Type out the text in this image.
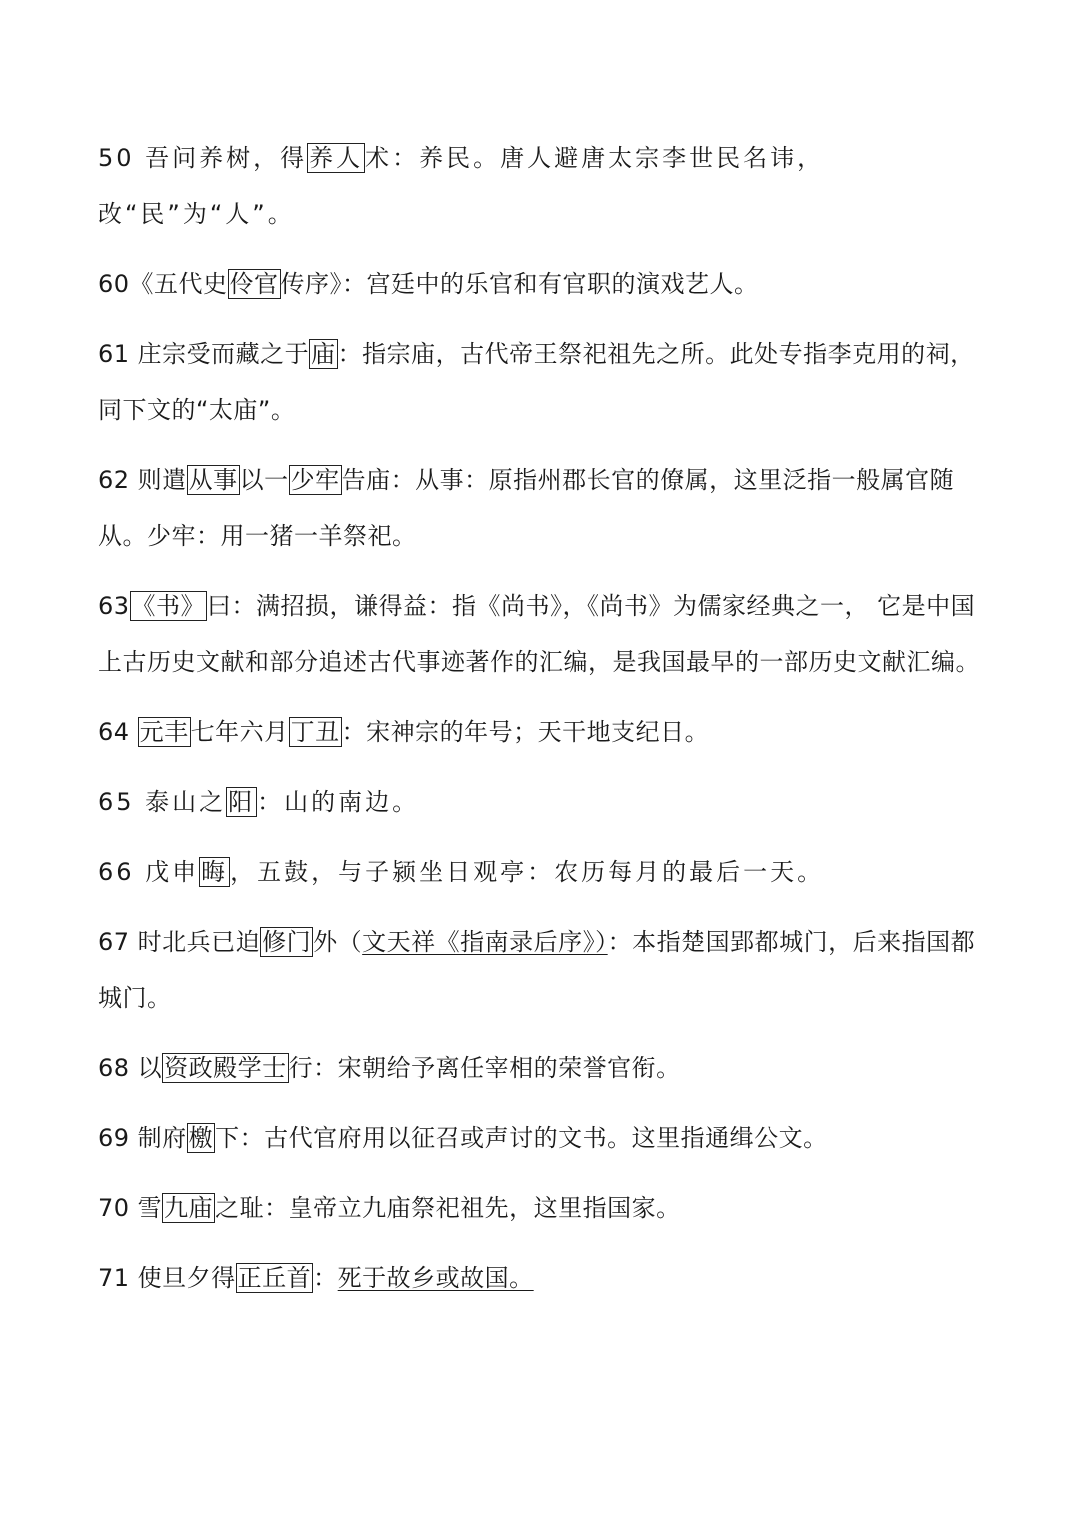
50 吾问养树，得养人术：养民。唐人避唐太宗李世民名讳，改“民”为“人”。

60《五代史伶官传序》：宫廷中的乐官和有官职的演戏艺人。

61 庄宗受而藏之于庙：指宗庙，古代帝王祭祀祖先之所。此处专指李克用的祠，同下文的“太庙”。

62 则遣从事以一少牢告庙：从事：原指州郡长官的僚属，这里泛指一般属官随从。少牢：用一猪一羊祭祀。

63《书》曰：满招损，谦得益：指《尚书》，《尚书》为儒家经典之一， 它是中国上古历史文献和部分追述古代事迹著作的汇编，是我国最早的一部历史文献汇编。

64 元丰七年六月丁丑：宋神宗的年号；天干地支纪日。

65 泰山之阳：山的南边。

66 戊申晦，五鼓，与子颍坐日观亭：农历每月的最后一天。

67 时北兵已迫修门外（文天祥《指南录后序》）：本指楚国郢都城门，后来指国都城门。

68 以资政殿学士行：宋朝给予离任宰相的荣誉官衔。

69 制府檄下：古代官府用以征召或声讨的文书。这里指通缉公文。

70 雪九庙之耻：皇帝立九庙祭祀祖先，这里指国家。

71 使旦夕得正丘首：死于故乡或故国。
